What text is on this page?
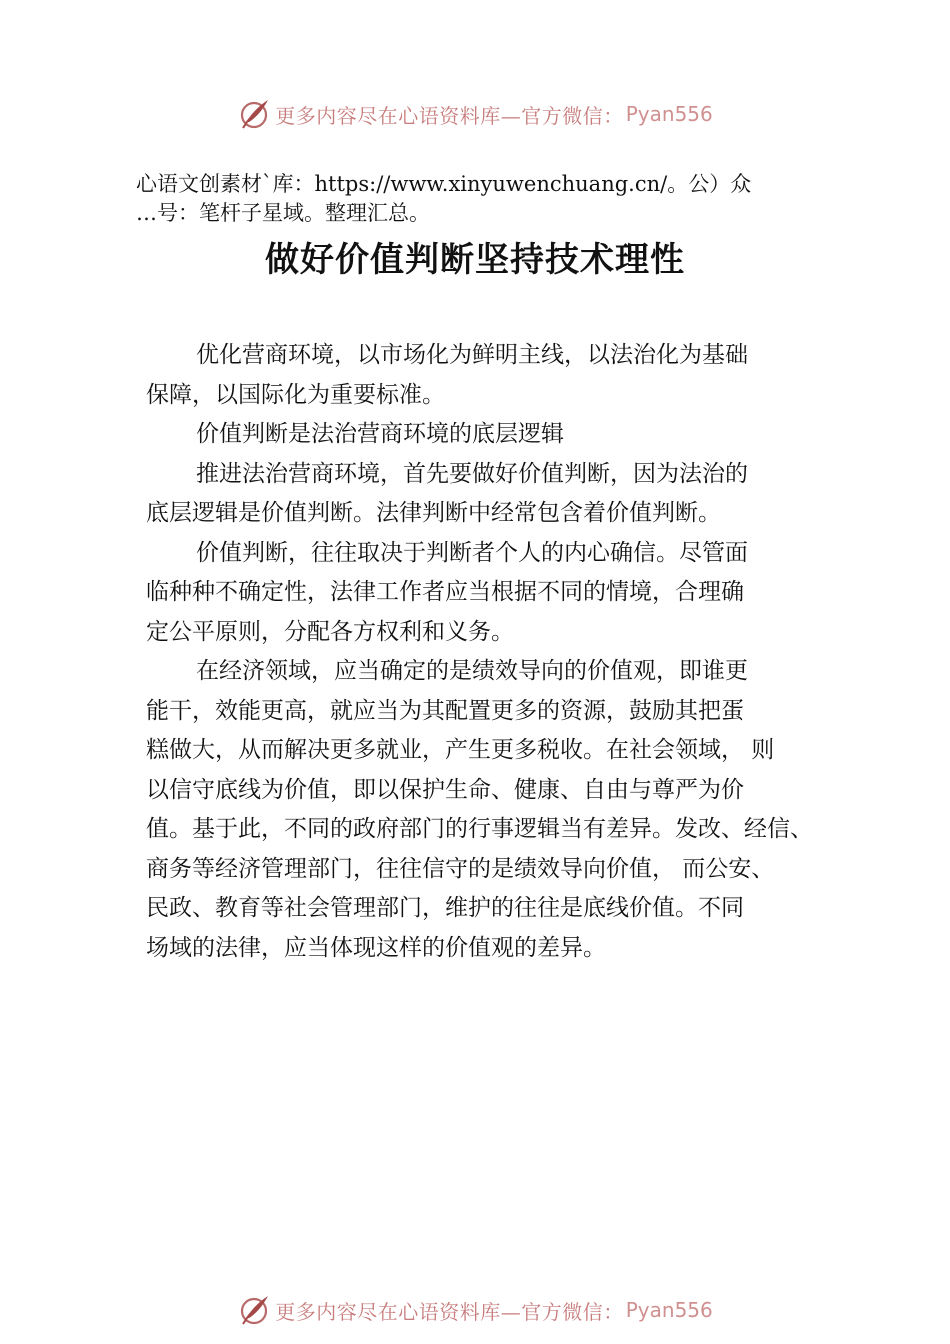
更多内容尽在心语资料库— 官方微信： Pyan556
心语文创素材`库：https://www.xinyuwenchuang.cn/。公）众
…号：笔杆子星域。整理汇总。
做好价值判断坚持技术理性
优化营商环境，以市场化为鲜明主线，以法治化为基础
保障，以国际化为重要标准。
价值判断是法治营商环境的底层逻辑
推进法治营商环境，首先要做好价值判断，因为法治的
底层逻辑是价值判断。法律判断中经常包含着价值判断。
价值判断，往往取决于判断者个人的内心确信。尽管面
临种种不确定性，法律工作者应当根据不同的情境，合理确
定公平原则，分配各方权利和义务。
在经济领域，应当确定的是绩效导向的价值观，即谁更
能干，效能更高，就应当为其配置更多的资源，鼓励其把蛋
糕做大，从而解决更多就业，产生更多税收。在社会领域， 则
以信守底线为价值，即以保护生命、健康、自由与尊严为价
值。基于此，不同的政府部门的行事逻辑当有差异。发改、经信、
商务等经济管理部门，往往信守的是绩效导向价值， 而公安、
民政、教育等社会管理部门，维护的往往是底线价值。不同
场域的法律，应当体现这样的价值观的差异。
更多内容尽在心语资料库— 官方微信： Pyan556
